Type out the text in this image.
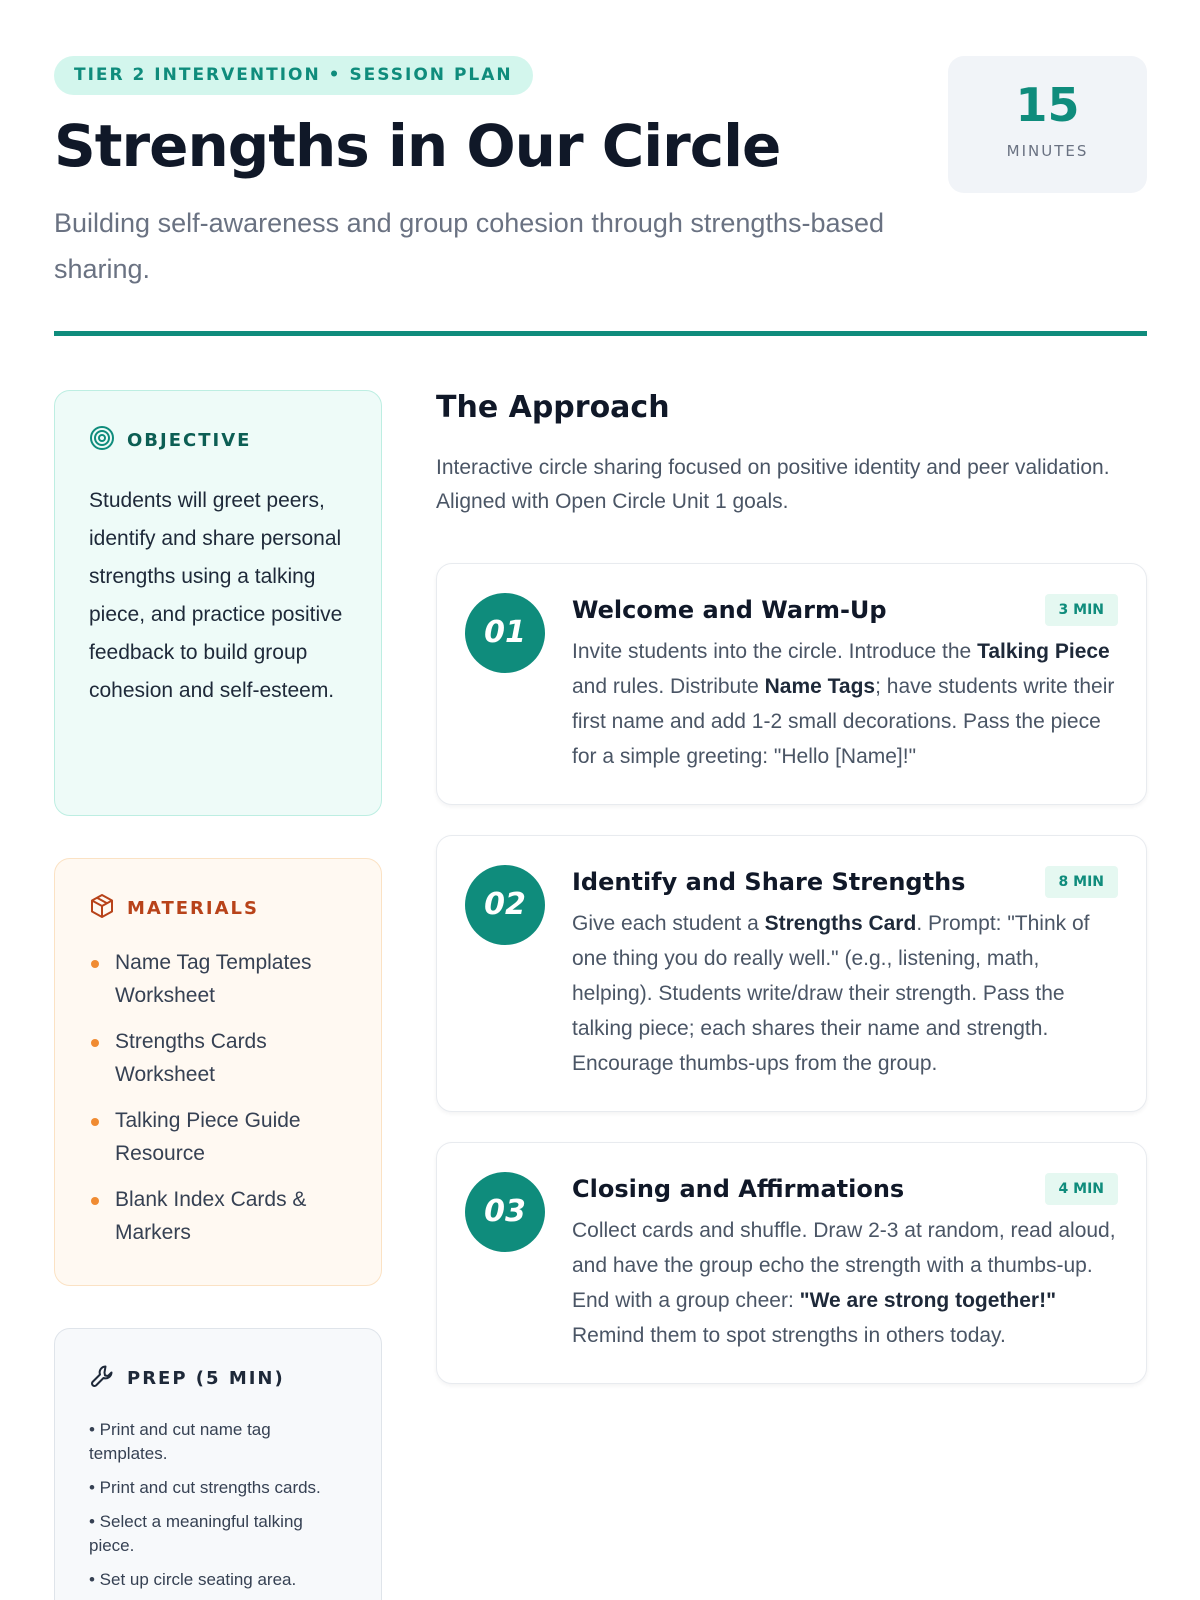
TIER 2 INTERVENTION • SESSION PLAN
Strengths in Our Circle

Building self-awareness and group cohesion through strengths-based sharing.

15
MINUTES
OBJECTIVE

Students will greet peers, identify and share personal strengths using a talking piece, and practice positive feedback to build group cohesion and self-esteem.

MATERIALS
Name Tag Templates Worksheet
Strengths Cards Worksheet
Talking Piece Guide Resource
Blank Index Cards & Markers
PREP (5 MIN)
• Print and cut name tag templates.
• Print and cut strengths cards.
• Select a meaningful talking piece.
• Set up circle seating area.
The Approach

Interactive circle sharing focused on positive identity and peer validation. Aligned with Open Circle Unit 1 goals.

01
3 MIN
Welcome and Warm-Up

Invite students into the circle. Introduce the Talking Piece and rules. Distribute Name Tags; have students write their first name and add 1-2 small decorations. Pass the piece for a simple greeting: "Hello [Name]!"

02
8 MIN
Identify and Share Strengths

Give each student a Strengths Card. Prompt: "Think of one thing you do really well." (e.g., listening, math, helping). Students write/draw their strength. Pass the talking piece; each shares their name and strength. Encourage thumbs-ups from the group.

03
4 MIN
Closing and Affirmations

Collect cards and shuffle. Draw 2-3 at random, read aloud, and have the group echo the strength with a thumbs-up. End with a group cheer: "We are strong together!" Remind them to spot strengths in others today.
